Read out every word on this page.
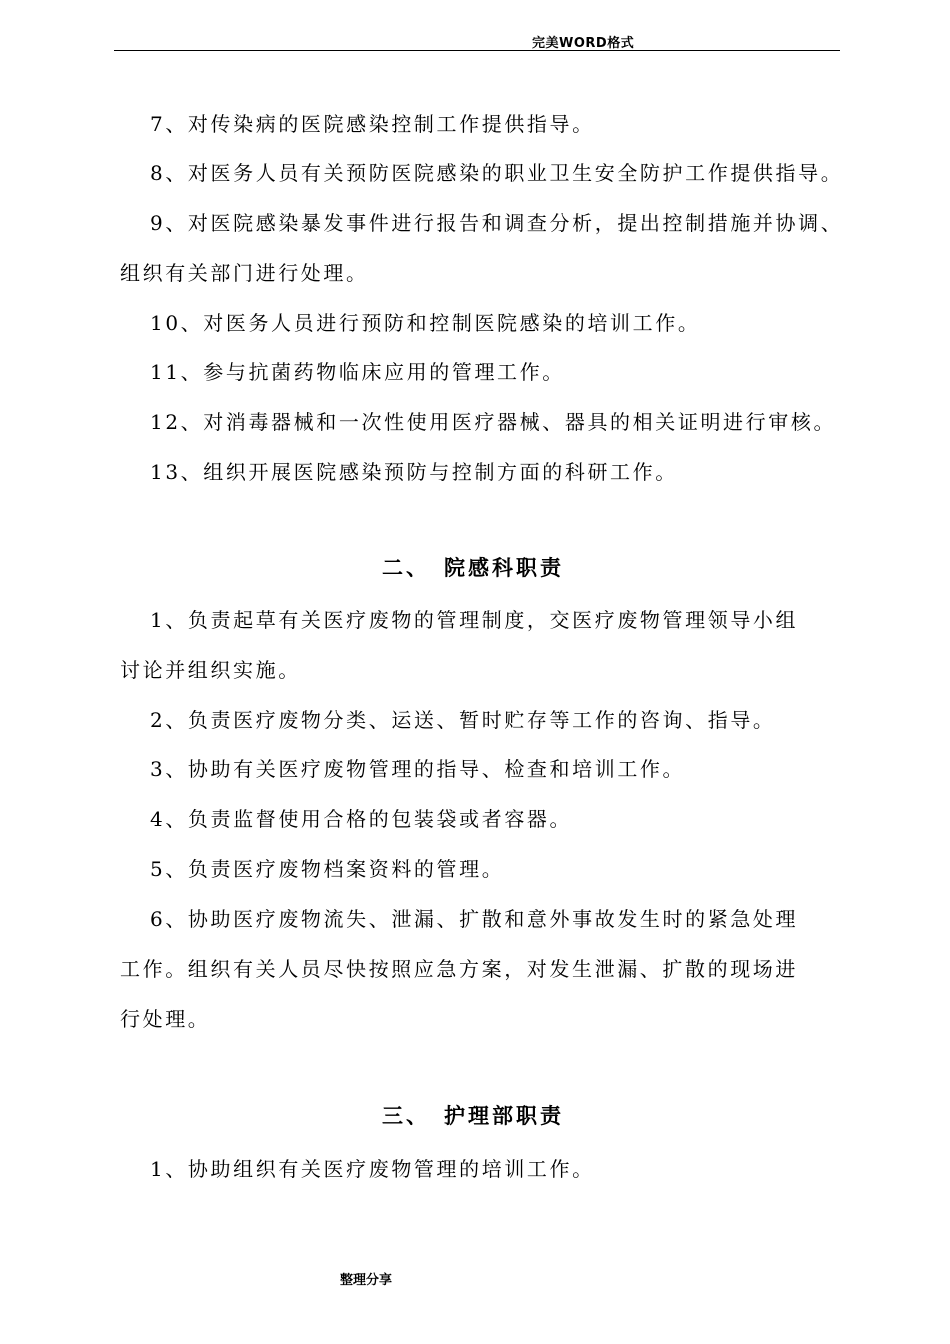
完美WORD格式
7、对传染病的医院感染控制工作提供指导。
8、对医务人员有关预防医院感染的职业卫生安全防护工作提供指导。
9、对医院感染暴发事件进行报告和调查分析，提出控制措施并协调、
组织有关部门进行处理。
10、对医务人员进行预防和控制医院感染的培训工作。
11、参与抗菌药物临床应用的管理工作。
12、对消毒器械和一次性使用医疗器械、器具的相关证明进行审核。
13、组织开展医院感染预防与控制方面的科研工作。
二、 院感科职责
1、负责起草有关医疗废物的管理制度，交医疗废物管理领导小组
讨论并组织实施。
2、负责医疗废物分类、运送、暂时贮存等工作的咨询、指导。
3、协助有关医疗废物管理的指导、检查和培训工作。
4、负责监督使用合格的包装袋或者容器。
5、负责医疗废物档案资料的管理。
6、协助医疗废物流失、泄漏、扩散和意外事故发生时的紧急处理
工作。组织有关人员尽快按照应急方案，对发生泄漏、扩散的现场进
行处理。
三、 护理部职责
1、协助组织有关医疗废物管理的培训工作。
整理分享
